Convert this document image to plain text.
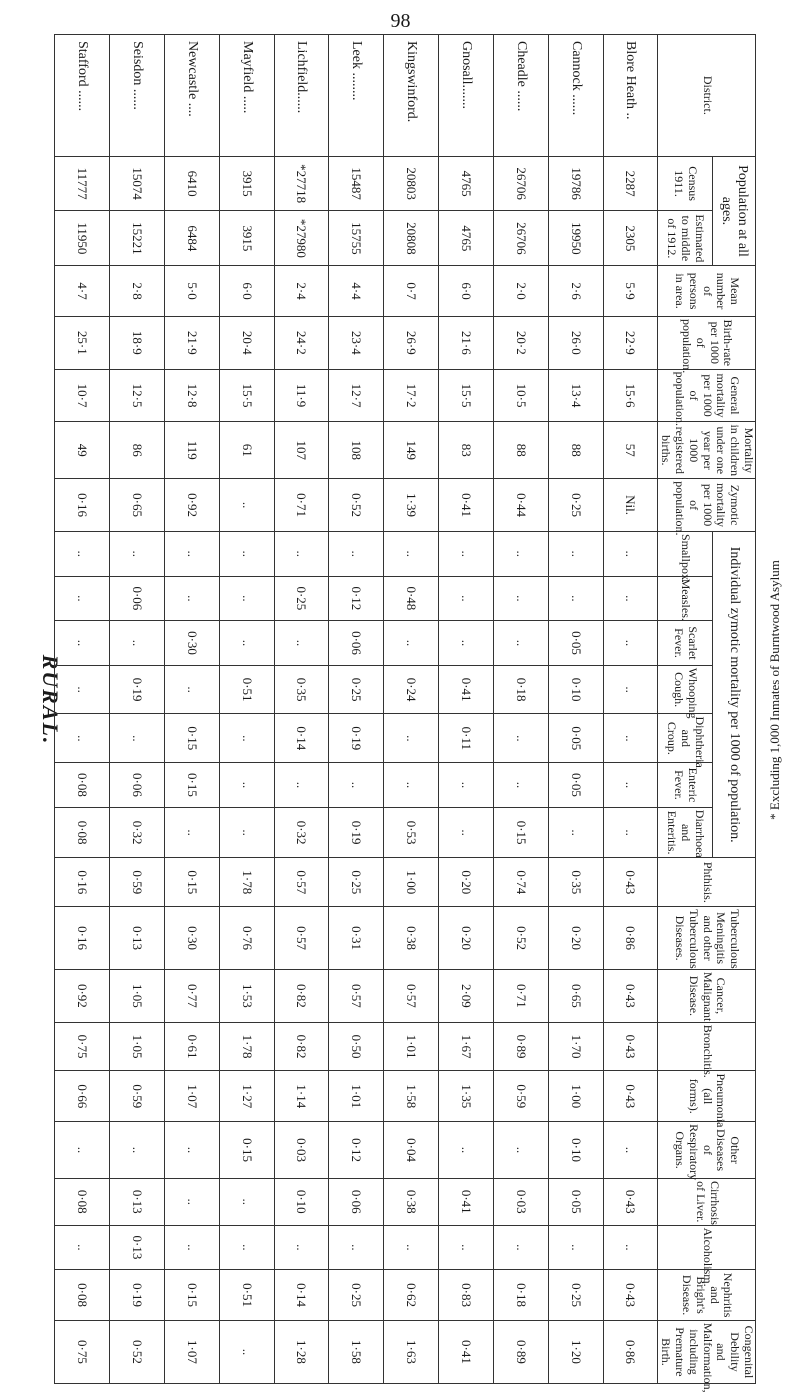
98
RURAL.	* Excluding 1,000 Inmates of Burntwood Asylum
District.	Population at all ages.		Mean number of persons in area.	Birth-rate per 1000 of population.	General mortality per 1000 of population.	Mortality in children under one year per 1000 registered births.	Zymotic mortality per 1000 of population.	Individual zymotic mortality per 1000 of population.							Phthisis.	Tuberculous Meningitis and other Tuberculous Diseases.	Cancer, Malignant Disease.	Bronchitis.	Pneumonia (all forms).	Other Diseases of Respiratory Organs.	Cirrhosis of Liver.	Alcoholism.	Nephritis and Bright's Disease.	Congenital Debility and Malformation, including Premature Birth.
	Census 1911.	Estimated to middle of 1912.						Smallpox.	Measles.	Scarlet Fever.	Whooping Cough.	Diphtheria and Croup.	Enteric Fever.	Diarrhoea and Enteritis.										
Blore Heath ..	2287	2305	5·9	22·9	15·6	57	Nil.	..	..	..	..	..	..	..	0·43	0·86	0·43	0·43	0·43	..	0·43	..	0·43	0·86
Cannock ......	19786	19950	2·6	26·0	13·4	88	0·25	..	..	0·05	0·10	0·05	0·05	..	0·35	0·20	0·65	1·70	1·00	0·10	0·05	..	0·25	1·20
Cheadle ......	26706	26706	2·0	20·2	10·5	88	0·44	..	..	..	0·18	..	..	0·15	0·74	0·52	0·71	0·89	0·59	..	0·03	..	0·18	0·89
Gnosall.......	4765	4765	6·0	21·6	15·5	83	0·41	..	..	..	0·41	0·11	..	..	0·20	0·20	2·09	1·67	1·35	..	0·41	..	0·83	0·41
Kingswinford.	20803	20808	0·7	26·9	17·2	149	1·39	..	0·48	..	0·24	..	..	0·53	1·00	0·38	0·57	1·01	1·58	0·04	0·38	..	0·62	1·63
Leek ........	15487	15755	4·4	23·4	12·7	108	0·52	..	0·12	0·06	0·25	0·19	..	0·19	0·25	0·31	0·57	0·50	1·01	0·12	0·06	..	0·25	1·58
Lichfield......	*27718	*27980	2·4	24·2	11·9	107	0·71	..	0·25	..	0·35	0·14	..	0·32	0·57	0·57	0·82	0·82	1·14	0·03	0·10	..	0·14	1·28
Mayfield .....	3915	3915	6·0	20·4	15·5	61	..	..	..	..	0·51	..	..	..	1·78	0·76	1·53	1·78	1·27	0·15	..	..	0·51	..
Newcastle ....	6410	6484	5·0	21·9	12·8	119	0·92	..	..	0·30	..	0·15	0·15	..	0·15	0·30	0·77	0·61	1·07	..	..	..	0·15	1·07
Seisdon ......	15074	15221	2·8	18·9	12·5	86	0·65	..	0·06	..	0·19	..	0·06	0·32	0·59	0·13	1·05	1·05	0·59	..	0·13	0·13	0·19	0·52
Stafford ......	11777	11950	4·7	25·1	10·7	49	0·16	..	..	..	..	..	0·08	0·08	0·16	0·16	0·92	0·75	0·66	..	0·08	..	0·08	0·75
